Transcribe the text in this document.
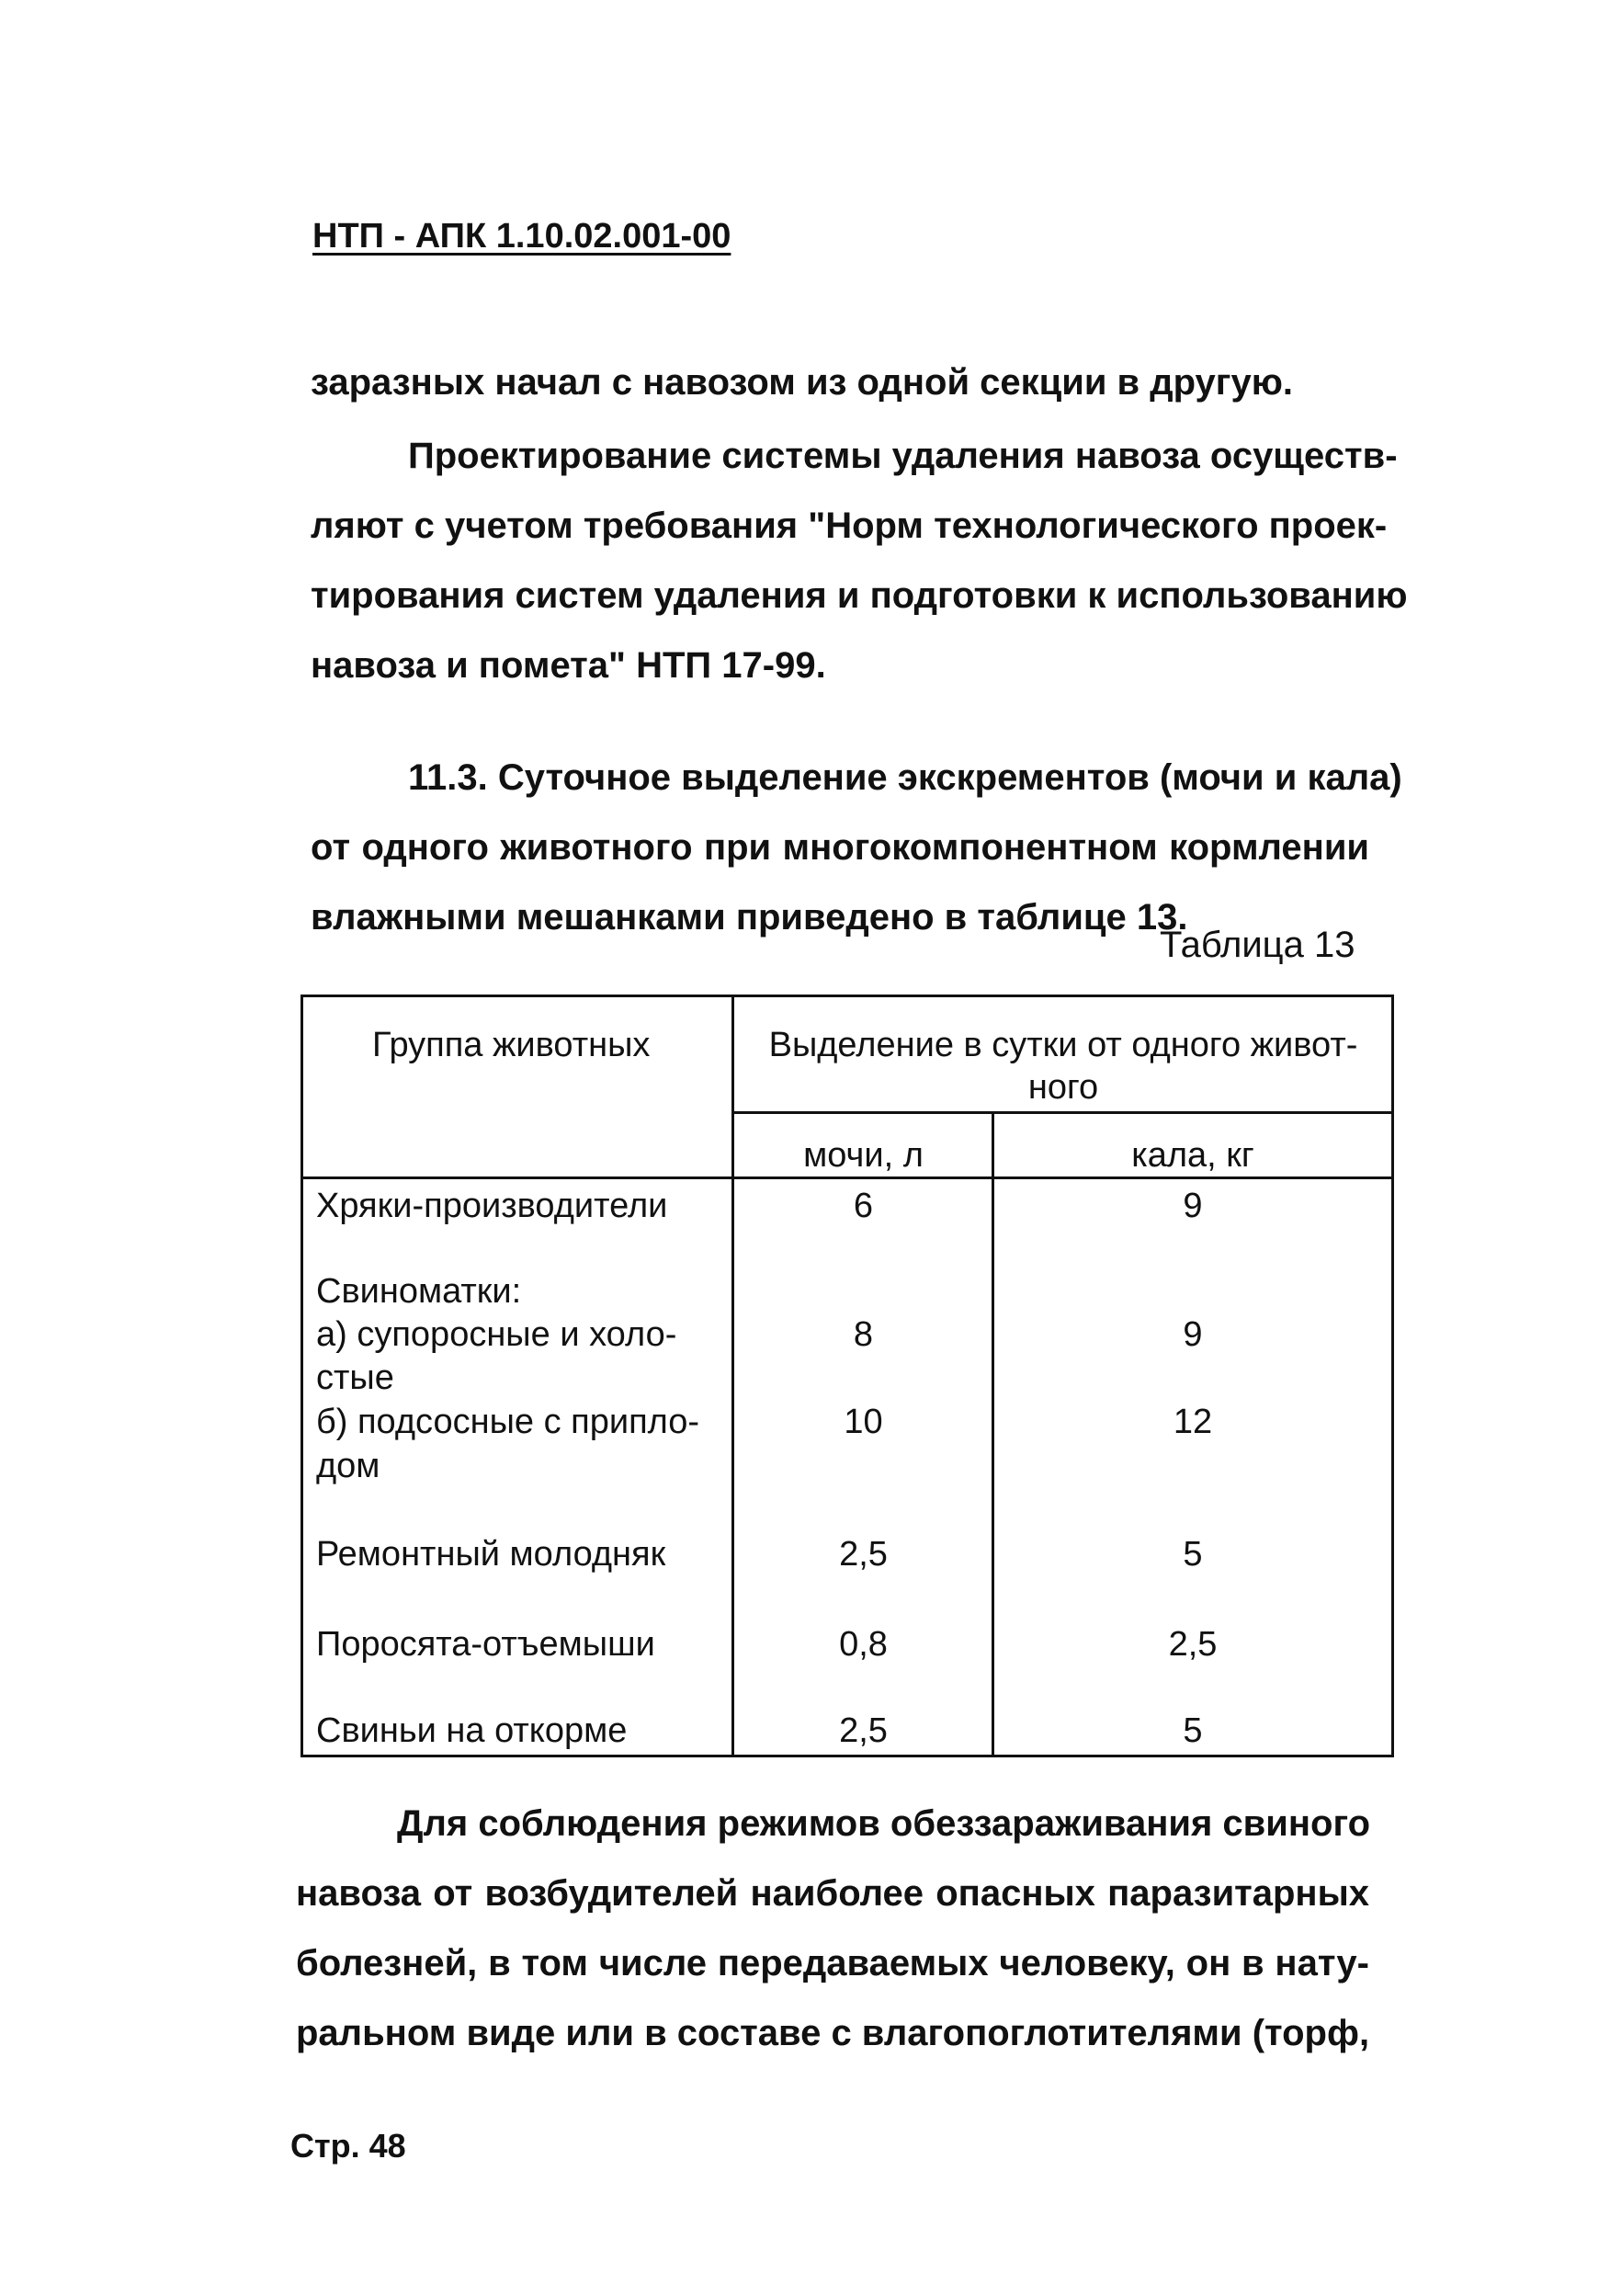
НТП - АПК 1.10.02.001-00
заразных начал с навозом из одной секции в другую.
Проектирование системы удаления навоза осуществ-
ляют с учетом требования "Норм технологического проек-
тирования систем удаления и подготовки к использованию
навоза и помета" НТП 17-99.
11.3. Суточное выделение экскрементов (мочи и кала)
от одного животного при многокомпонентном кормлении
влажными мешанками приведено в таблице 13.
Таблица 13
Группа животных	Выделение в сутки от одного живот-
ного
мочи, л	кала, кг
Хряки-производители	6	9
Свиноматки:
а) супоросные и холо-	8	9
стые
б) подсосные с припло-	10	12
дом
Ремонтный молодняк	2,5	5
Поросята-отъемыши	0,8	2,5
Свиньи на откорме	2,5	5
Для соблюдения режимов обеззараживания свиного
навоза от возбудителей наиболее опасных паразитарных
болезней, в том числе передаваемых человеку, он в нату-
ральном виде или в составе с влагопоглотителями (торф,
Стр. 48
